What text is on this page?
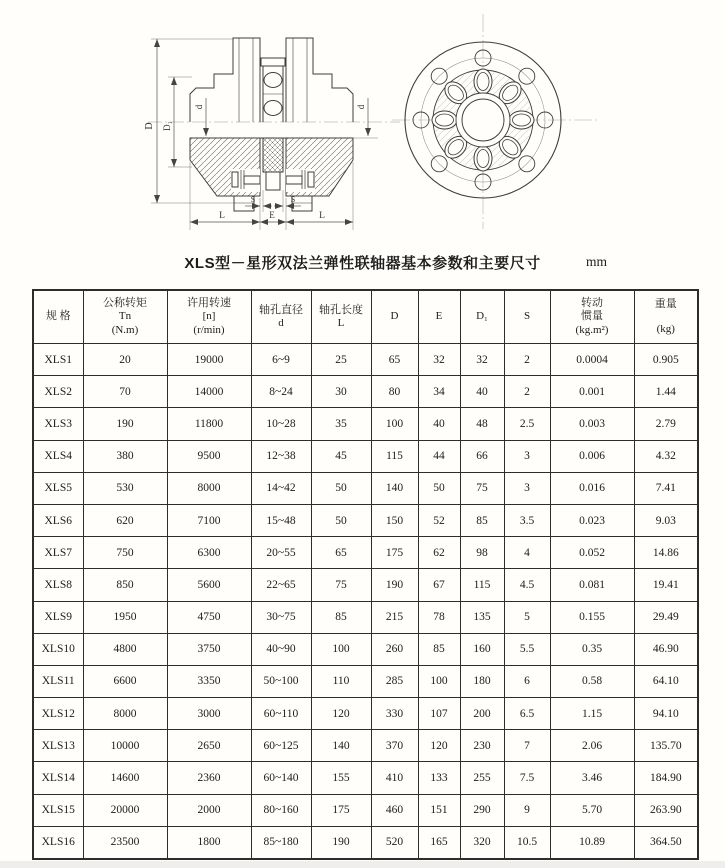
D D₁
d	d
S	S
L	E	L
XLS型－星形双法兰弹性联轴器基本参数和主要尺寸	mm
规 格

公称转矩
Tn
(N.m)

许用转速
[n]
(r/min)

轴孔直径
d

轴孔长度
L

D	E	D₁	S

转动
惯量
(kg.m²)

重量
(kg)

XLS1	20	19000	6~9	25	65	32	32	2	0.0004	0.905
XLS2	70	14000	8~24	30	80	34	40	2	0.001	1.44
XLS3	190	11800	10~28	35	100	40	48	2.5	0.003	2.79
XLS4	380	9500	12~38	45	115	44	66	3	0.006	4.32
XLS5	530	8000	14~42	50	140	50	75	3	0.016	7.41
XLS6	620	7100	15~48	50	150	52	85	3.5	0.023	9.03
XLS7	750	6300	20~55	65	175	62	98	4	0.052	14.86
XLS8	850	5600	22~65	75	190	67	115	4.5	0.081	19.41
XLS9	1950	4750	30~75	85	215	78	135	5	0.155	29.49
XLS10	4800	3750	40~90	100	260	85	160	5.5	0.35	46.90
XLS11	6600	3350	50~100	110	285	100	180	6	0.58	64.10
XLS12	8000	3000	60~110	120	330	107	200	6.5	1.15	94.10
XLS13	10000	2650	60~125	140	370	120	230	7	2.06	135.70
XLS14	14600	2360	60~140	155	410	133	255	7.5	3.46	184.90
XLS15	20000	2000	80~160	175	460	151	290	9	5.70	263.90
XLS16	23500	1800	85~180	190	520	165	320	10.5	10.89	364.50
